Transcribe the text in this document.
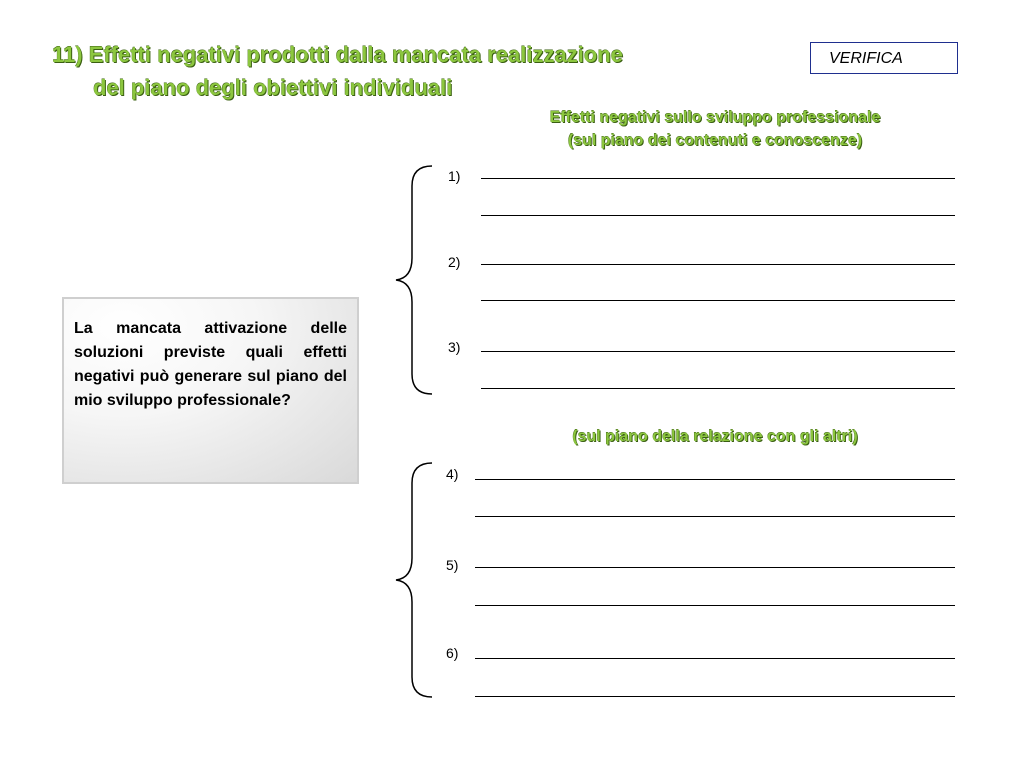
11) Effetti negativi prodotti dalla mancata realizzazione
del piano degli obiettivi individuali
VERIFICA
Effetti negativi sullo sviluppo professionale
(sul piano dei contenuti e conoscenze)
La mancata attivazione delle soluzioni previste quali effetti negativi può generare sul piano del mio sviluppo professionale?
1)
2)
3)
(sul piano della relazione con gli altri)
4)
5)
6)
